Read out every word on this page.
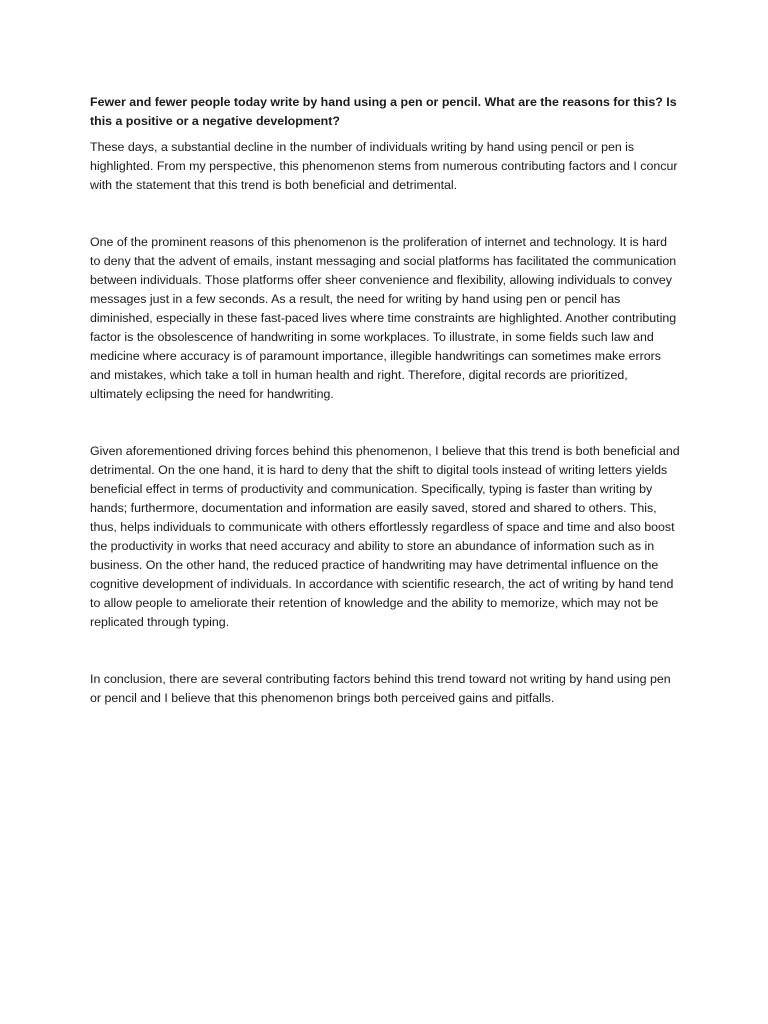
Fewer and fewer people today write by hand using a pen or pencil. What are the reasons for this? Is this a positive or a negative development?

These days, a substantial decline in the number of individuals writing by hand using pencil or pen is highlighted. From my perspective, this phenomenon stems from numerous contributing factors and I concur with the statement that this trend is both beneficial and detrimental.

One of the prominent reasons of this phenomenon is the proliferation of internet and technology. It is hard to deny that the advent of emails, instant messaging and social platforms has facilitated the communication between individuals. Those platforms offer sheer convenience and flexibility, allowing individuals to convey messages just in a few seconds. As a result, the need for writing by hand using pen or pencil has diminished, especially in these fast-paced lives where time constraints are highlighted. Another contributing factor is the obsolescence of handwriting in some workplaces. To illustrate, in some fields such law and medicine where accuracy is of paramount importance, illegible handwritings can sometimes make errors and mistakes, which take a toll in human health and right. Therefore, digital records are prioritized, ultimately eclipsing the need for handwriting.

Given aforementioned driving forces behind this phenomenon, I believe that this trend is both beneficial and detrimental. On the one hand, it is hard to deny that the shift to digital tools instead of writing letters yields beneficial effect in terms of productivity and communication. Specifically, typing is faster than writing by hands; furthermore, documentation and information are easily saved, stored and shared to others. This, thus, helps individuals to communicate with others effortlessly regardless of space and time and also boost the productivity in works that need accuracy and ability to store an abundance of information such as in business. On the other hand, the reduced practice of handwriting may have detrimental influence on the cognitive development of individuals. In accordance with scientific research, the act of writing by hand tend to allow people to ameliorate their retention of knowledge and the ability to memorize, which may not be replicated through typing.

In conclusion, there are several contributing factors behind this trend toward not writing by hand using pen or pencil and I believe that this phenomenon brings both perceived gains and pitfalls.
